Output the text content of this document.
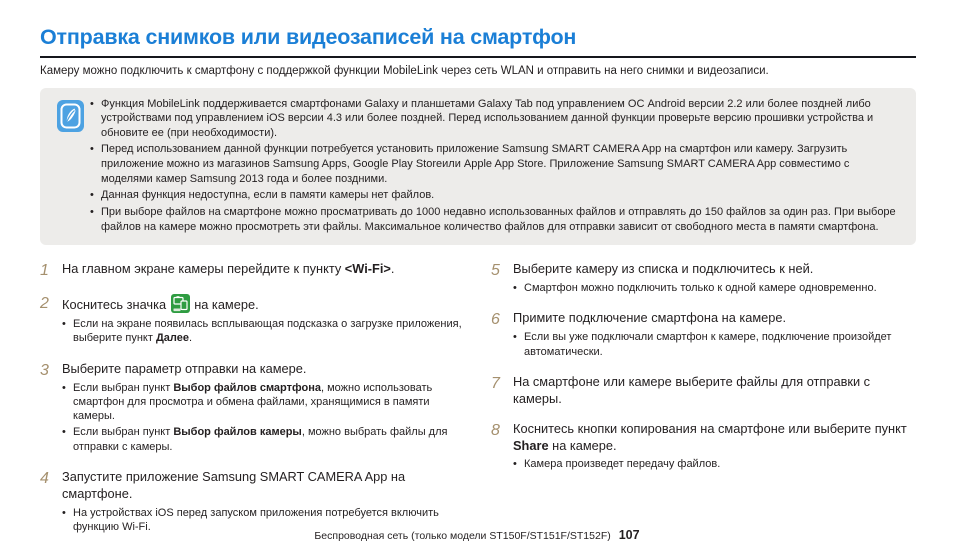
Отправка снимков или видеозаписей на смартфон

Камеру можно подключить к смартфону с поддержкой функции MobileLink через сеть WLAN и отправить на него снимки и видеозаписи.

• Функция MobileLink поддерживается смартфонами Galaxy и планшетами Galaxy Tab под управлением ОС Android версии 2.2 или более поздней либо устройствами под управлением iOS версии 4.3 или более поздней. Перед использованием данной функции проверьте версию прошивки устройства и обновите ее (при необходимости).
• Перед использованием данной функции потребуется установить приложение Samsung SMART CAMERA App на смартфон или камеру. Загрузить приложение можно из магазинов Samsung Apps, Google Play Storeили Apple App Store. Приложение Samsung SMART CAMERA App совместимо с моделями камер Samsung 2013 года и более поздними.
• Данная функция недоступна, если в памяти камеры нет файлов.
• При выборе файлов на смартфоне можно просматривать до 1000 недавно использованных файлов и отправлять до 150 файлов за один раз. При выборе файлов на камере можно просмотреть эти файлы. Максимальное количество файлов для отправки зависит от свободного места в памяти смартфона.
1	На главном экране камеры перейдите к пункту <Wi-Fi>.
2	Коснитесь значка
на камере.
• Если на экране появилась всплывающая подсказка о загрузке приложения, выберите пункт Далее.
3	Выберите параметр отправки на камере.
• Если выбран пункт Выбор файлов смартфона, можно использовать смартфон для просмотра и обмена файлами, хранящимися в памяти камеры.
• Если выбран пункт Выбор файлов камеры, можно выбрать файлы для отправки с камеры.
4	Запустите приложение Samsung SMART CAMERA App на смартфоне.
• На устройствах iOS перед запуском приложения потребуется включить функцию Wi-Fi.
5	Выберите камеру из списка и подключитесь к ней.
• Смартфон можно подключить только к одной камере одновременно.
6	Примите подключение смартфона на камере.
• Если вы уже подключали смартфон к камере, подключение произойдет автоматически.
7	На смартфоне или камере выберите файлы для отправки с камеры.
8	Коснитесь кнопки копирования на смартфоне или выберите пункт Share на камере.
• Камера произведет передачу файлов.
Беспроводная сеть (только модели ST150F/ST151F/ST152F) 107
